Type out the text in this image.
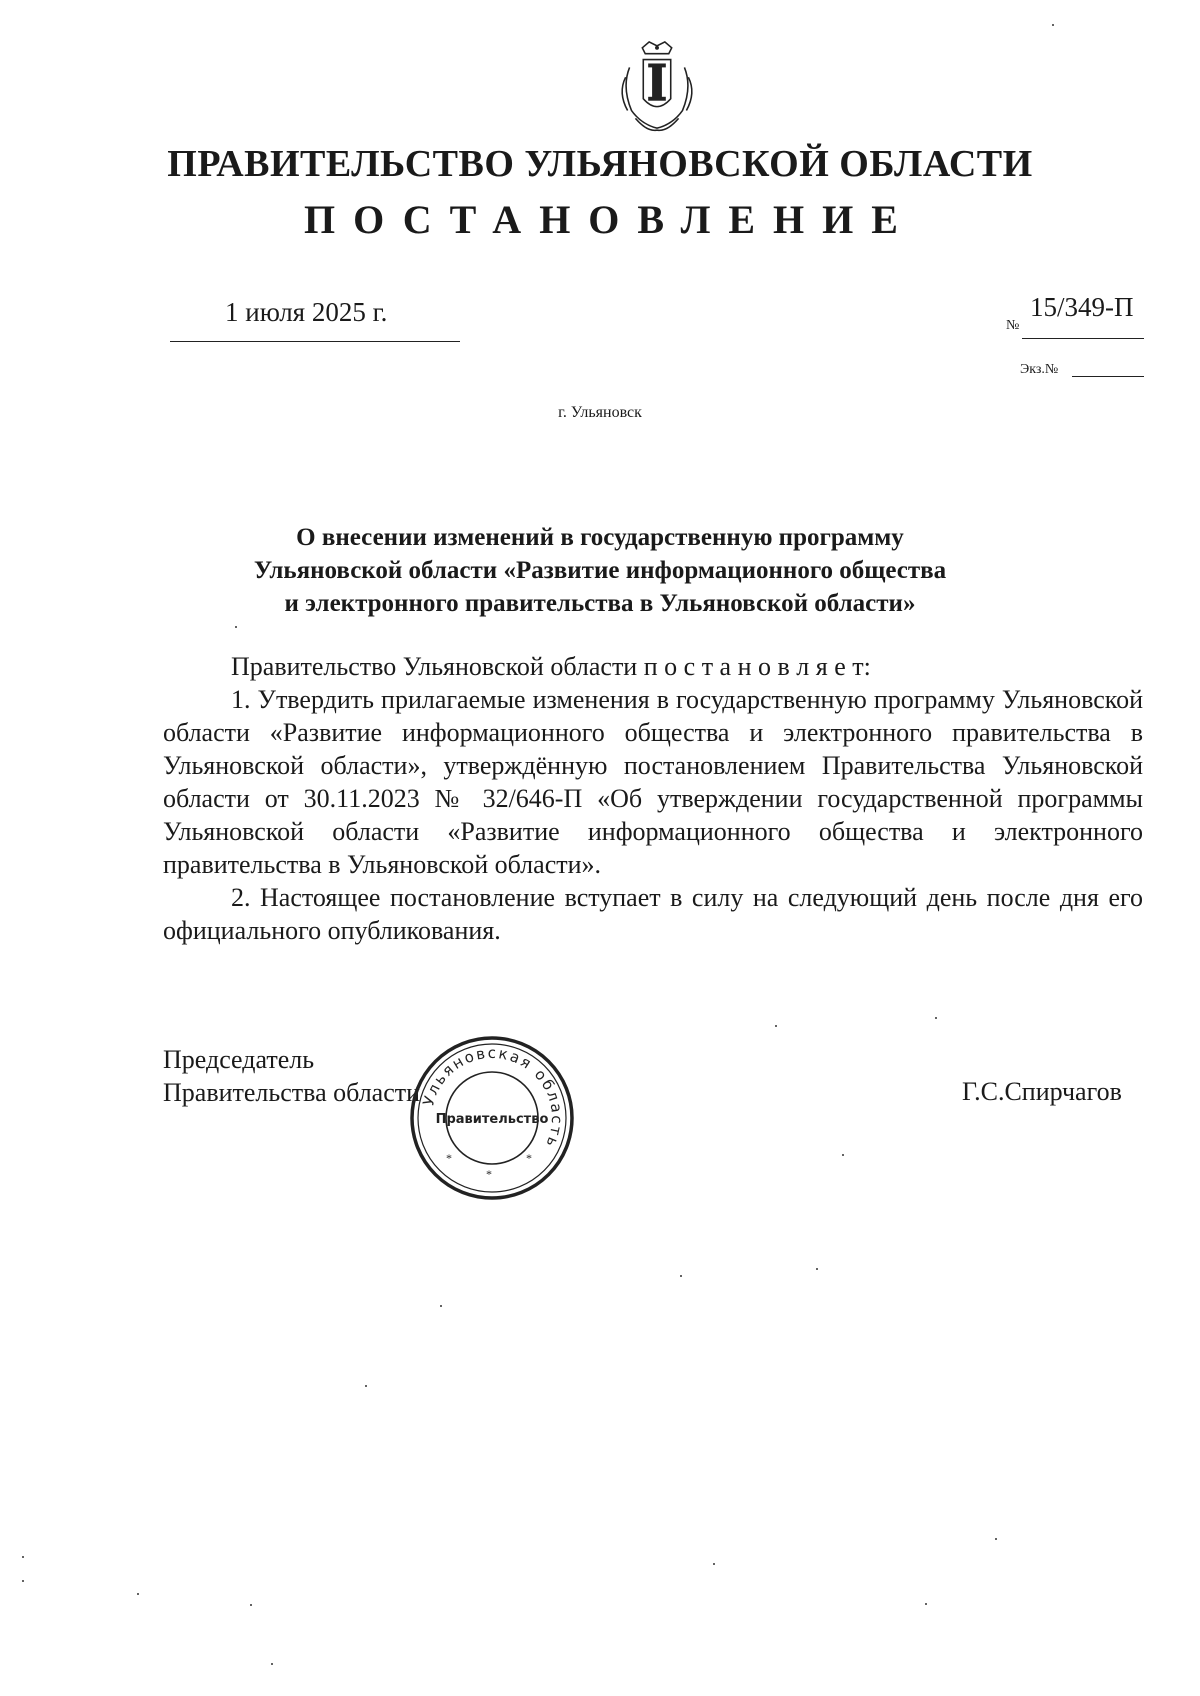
ПРАВИТЕЛЬСТВО УЛЬЯНОВСКОЙ ОБЛАСТИ
ПОСТАНОВЛЕНИЕ
1 июля 2025 г.	№
15/349-П
Экз.№
г. Ульяновск
О внесении изменений в государственную программу
Ульяновской области «Развитие информационного общества
и электронного правительства в Ульяновской области»

Правительство Ульяновской области п о с т а н о в л я е т:

1. Утвердить прилагаемые изменения в государственную программу Ульяновской области «Развитие информационного общества и электронного правительства в Ульяновской области», утверждённую постановлением Правительства Ульяновской области от 30.11.2023 № 32/646-П «Об утверждении государственной программы Ульяновской области «Развитие информационного общества и электронного правительства в Ульяновской области».

2. Настоящее постановление вступает в силу на следующий день после дня его официального опубликования.

Председатель
Правительства области	Г.С.Спирчагов
Ульяновская область
Правительство
*
*
*
